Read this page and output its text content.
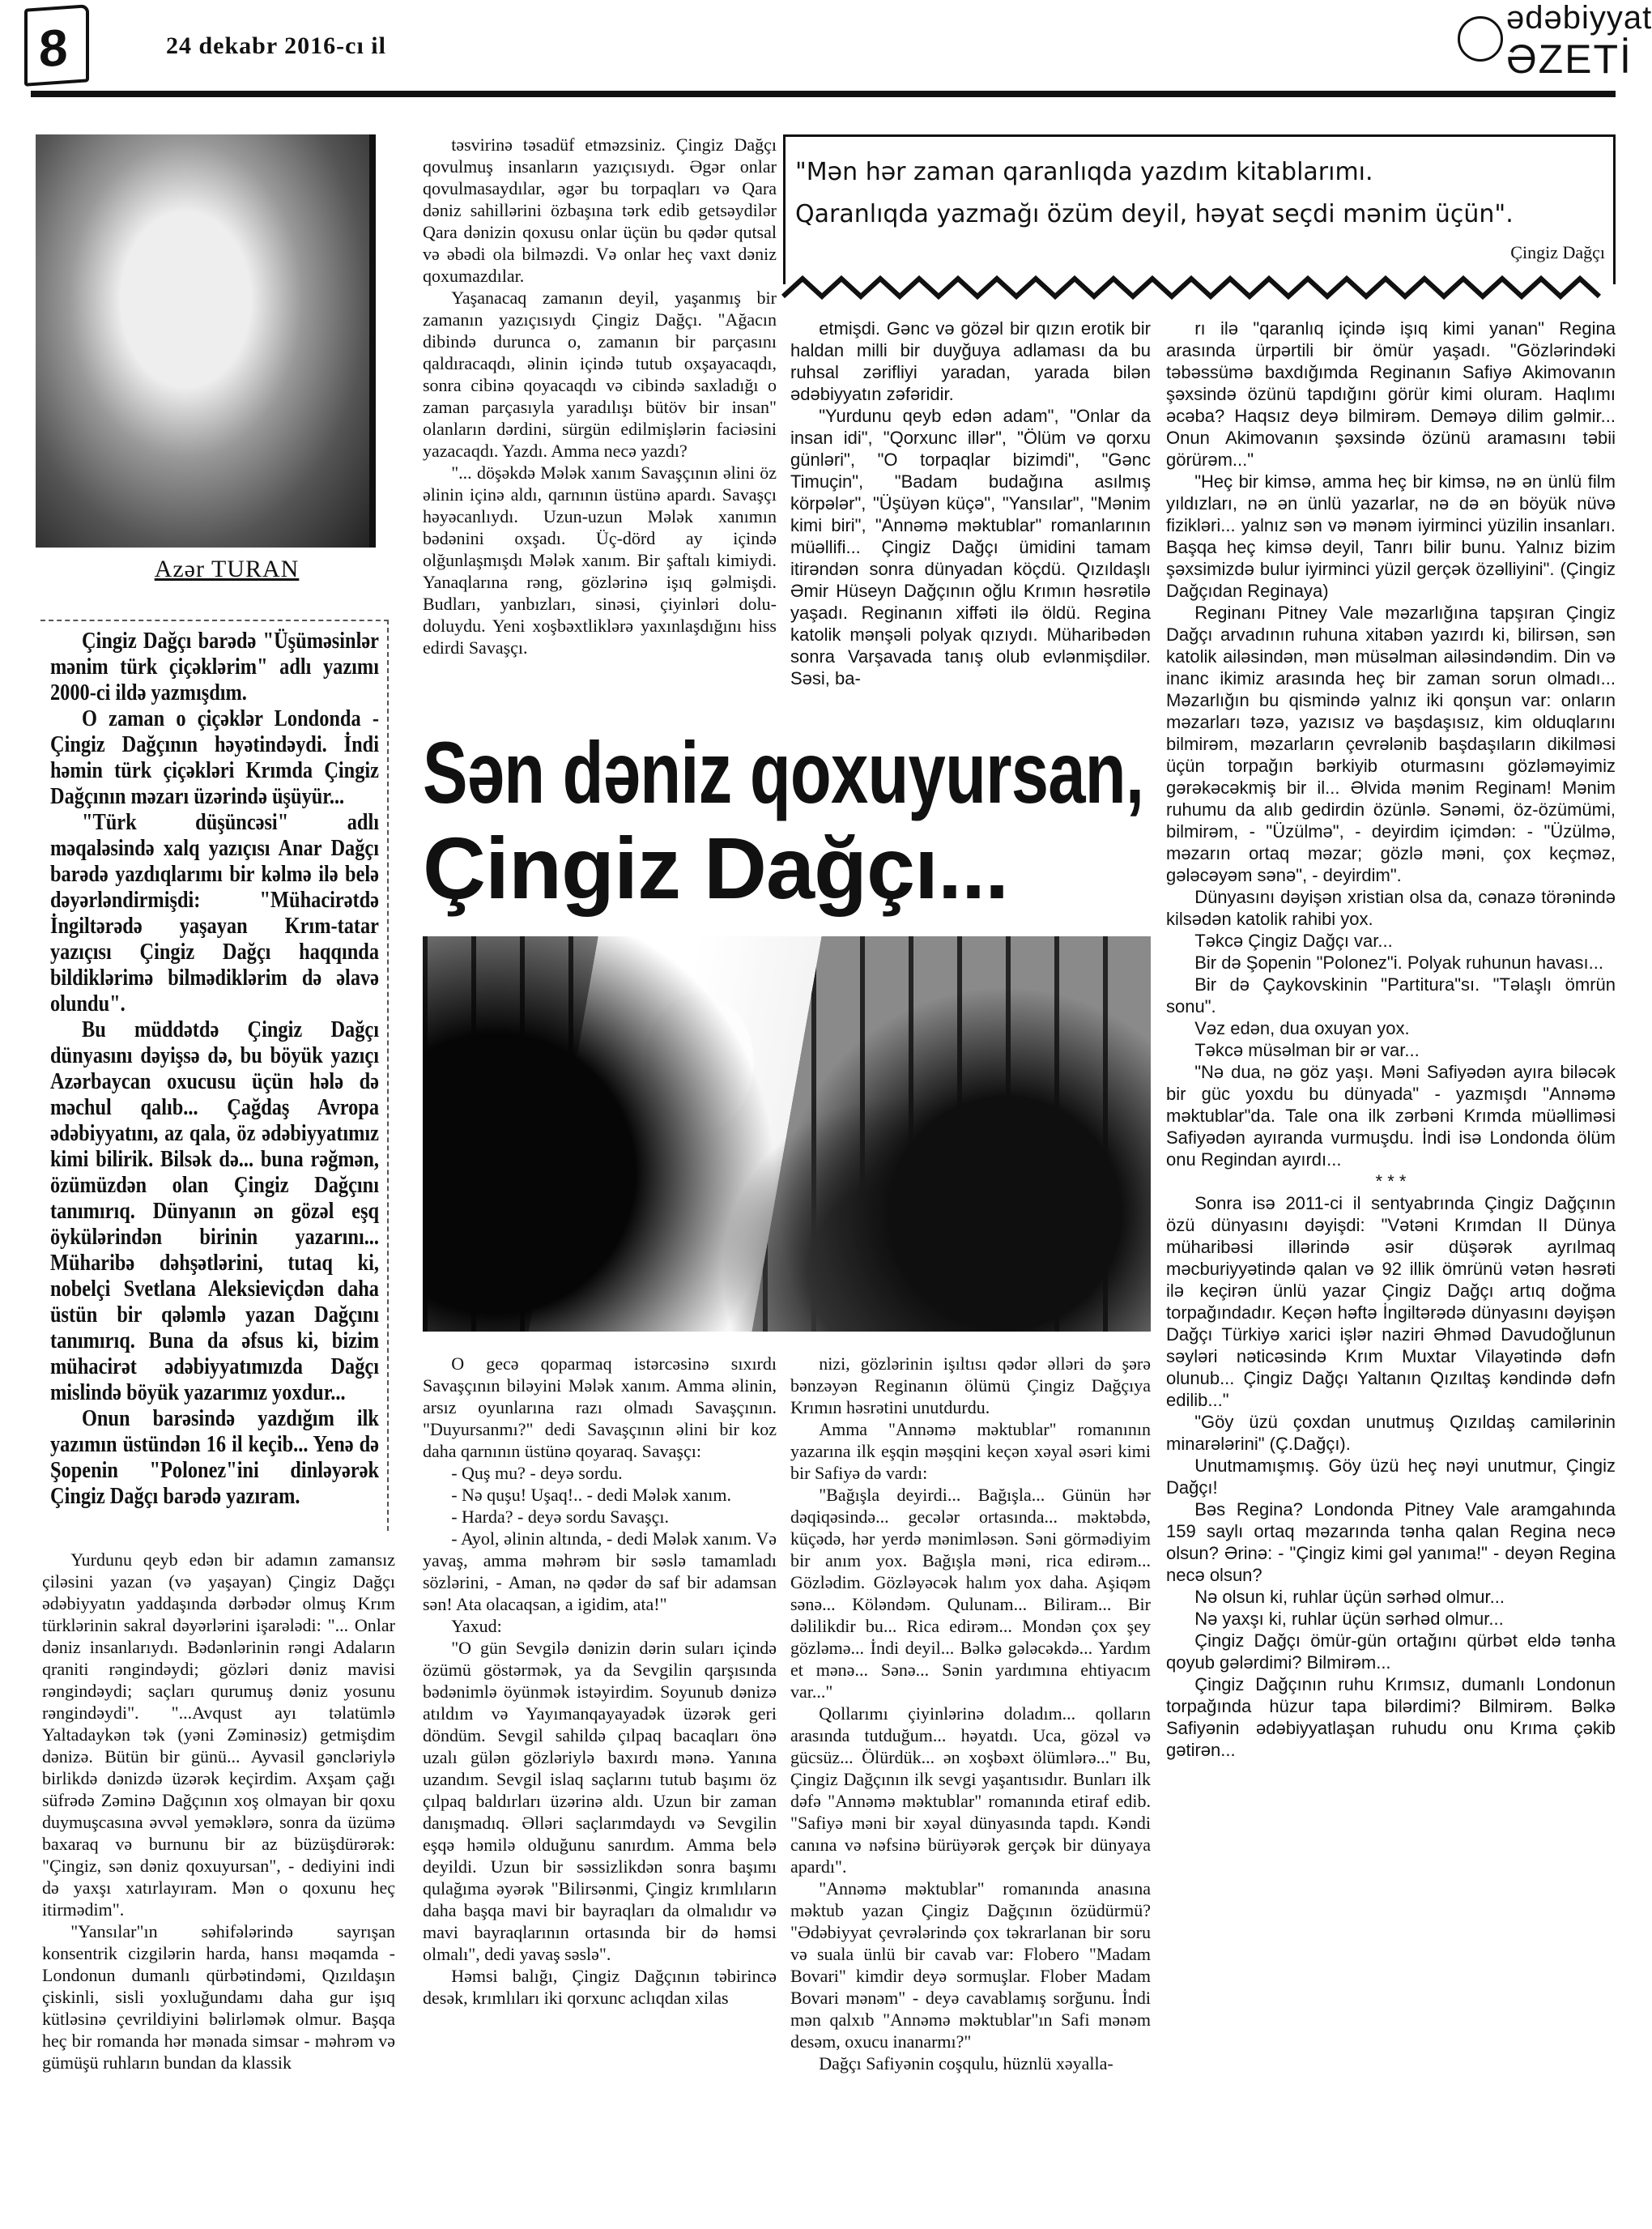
8	24 dekabr 2016-cı il
ədəbiyyat
ƏZETİ
Azər TURAN

Çingiz Dağçı barədə "Üşüməsinlər mənim türk çiçəklərim" adlı yazımı 2000-ci ildə yazmışdım.

O zaman o çiçəklər Londonda - Çingiz Dağçının həyətindəydi. İndi həmin türk çiçəkləri Krımda Çingiz Dağçının məzarı üzərində üşüyür...

"Türk düşüncəsi" adlı məqaləsində xalq yazıçısı Anar Dağçı barədə yazdıqlarımı bir kəlmə ilə belə dəyərləndirmişdi: "Mühacirətdə İngiltərədə yaşayan Krım-tatar yazıçısı Çingiz Dağçı haqqında bildiklərimə bilmədiklərim də əlavə olundu".

Bu müddətdə Çingiz Dağçı dünyasını dəyişsə də, bu böyük yazıçı Azərbaycan oxucusu üçün hələ də məchul qalıb... Çağdaş Avropa ədəbiyyatını, az qala, öz ədəbiyyatımız kimi bilirik. Bilsək də... buna rəğmən, özümüzdən olan Çingiz Dağçını tanımırıq. Dünyanın ən gözəl eşq öykülərindən birinin yazarını... Müharibə dəhşətlərini, tutaq ki, nobelçi Svetlana Aleksieviçdən daha üstün bir qələmlə yazan Dağçını tanımırıq. Buna da əfsus ki, bizim mühacirət ədəbiyyatımızda Dağçı mislində böyük yazarımız yoxdur...

Onun barəsində yazdığım ilk yazımın üstündən 16 il keçib... Yenə də Şopenin "Polonez"ini dinləyərək Çingiz Dağçı barədə yazıram.

Yurdunu qeyb edən bir adamın zamansız çiləsini yazan (və yaşayan) Çingiz Dağçı ədəbiyyatın yaddaşında dərbədər olmuş Krım türklərinin sakral dəyərlərini işarələdi: "... Onlar dəniz insanlarıydı. Bədənlərinin rəngi Adaların qraniti rəngindəydi; gözləri dəniz mavisi rəngindəydi; saçları qurumuş dəniz yosunu rəngindəydi". "...Avqust ayı təlatümlə Yaltadaykən tək (yəni Zəminəsiz) getmişdim dənizə. Bütün bir günü... Ayvasil gəncləriylə birlikdə dənizdə üzərək keçirdim. Axşam çağı süfrədə Zəminə Dağçının xoş olmayan bir qoxu duymuşcasına əvvəl yeməklərə, sonra da üzümə baxaraq və burnunu bir az büzüşdürərək: "Çingiz, sən dəniz qoxuyursan", - dediyini indi də yaxşı xatırlayıram. Mən o qoxunu heç itirmədim".

"Yansılar"ın səhifələrində sayrışan konsentrik cizgilərin harda, hansı məqamda - Londonun dumanlı qürbətindəmi, Qızıldaşın çiskinli, sisli yoxluğundamı daha gur işıq kütləsinə çevrildiyini bəlirləmək olmur. Başqa heç bir romanda hər mənada simsar - məhrəm və gümüşü ruhların bundan da klassik

təsvirinə təsadüf etməzsiniz. Çingiz Dağçı qovulmuş insanların yazıçısıydı. Əgər onlar qovulmasaydılar, əgər bu torpaqları və Qara dəniz sahillərini özbaşına tərk edib getsəydilər Qara dənizin qoxusu onlar üçün bu qədər qutsal və əbədi ola bilməzdi. Və onlar heç vaxt dəniz qoxumazdılar.

Yaşanacaq zamanın deyil, yaşanmış bir zamanın yazıçısıydı Çingiz Dağçı. "Ağacın dibində durunca o, zamanın bir parçasını qaldıracaqdı, əlinin içində tutub oxşayacaqdı, sonra cibinə qoyacaqdı və cibində saxladığı o zaman parçasıyla yaradılışı bütöv bir insan" olanların dərdini, sürgün edilmişlərin faciəsini yazacaqdı. Yazdı. Amma necə yazdı?

"... döşəkdə Mələk xanım Savaşçının əlini öz əlinin içinə aldı, qarnının üstünə apardı. Savaşçı həyəcanlıydı. Uzun-uzun Mələk xanımın bədənini oxşadı. Üç-dörd ay içində olğunlaşmışdı Mələk xanım. Bir şaftalı kimiydi. Yanaqlarına rəng, gözlərinə işıq gəlmişdi. Budları, yanbızları, sinəsi, çiyinləri dolu-doluydu. Yeni xoşbəxtliklərə yaxınlaşdığını hiss edirdi Savaşçı.

"Mən hər zaman qaranlıqda yazdım kitablarımı.
Qaranlıqda yazmağı özüm deyil, həyat seçdi mənim üçün".
Çingiz Dağçı

etmişdi. Gənc və gözəl bir qızın erotik bir haldan milli bir duyğuya adlaması da bu ruhsal zərifliyi yaradan, yarada bilən ədəbiyyatın zəfəridir.

"Yurdunu qeyb edən adam", "Onlar da insan idi", "Qorxunc illər", "Ölüm və qorxu günləri", "O torpaqlar bizimdi", "Gənc Timuçin", "Badam budağına asılmış körpələr", "Üşüyən küçə", "Yansılar", "Mənim kimi biri", "Annəmə məktublar" romanlarının müəllifi... Çingiz Dağçı ümidini tamam itirəndən sonra dünyadan köçdü. Qızıldaşlı Əmir Hüseyn Dağçının oğlu Krımın həsrətilə yaşadı. Reginanın xiffəti ilə öldü. Regina katolik mənşəli polyak qızıydı. Müharibədən sonra Varşavada tanış olub evlənmişdilər. Səsi, ba-

rı ilə "qaranlıq içində işıq kimi yanan" Regina arasında ürpərtili bir ömür yaşadı. "Gözlərindəki təbəssümə baxdığımda Reginanın Safiyə Akimovanın şəxsində özünü tapdığını görür kimi oluram. Haqlımı əcəba? Haqsız deyə bilmirəm. Deməyə dilim gəlmir... Onun Akimovanın şəxsində özünü aramasını təbii görürəm..."

"Heç bir kimsə, amma heç bir kimsə, nə ən ünlü film yıldızları, nə ən ünlü yazarlar, nə də ən böyük nüvə fizikləri... yalnız sən və mənəm iyirminci yüzilin insanları. Başqa heç kimsə deyil, Tanrı bilir bunu. Yalnız bizim şəxsimizdə bulur iyirminci yüzil gerçək özəlliyini". (Çingiz Dağçıdan Reginaya)

Reginanı Pitney Vale məzarlığına tapşıran Çingiz Dağçı arvadının ruhuna xitabən yazırdı ki, bilirsən, sən katolik ailəsindən, mən müsəlman ailəsindəndim. Din və inanc ikimiz arasında heç bir zaman sorun olmadı... Məzarlığın bu qismində yalnız iki qonşun var: onların məzarları təzə, yazısız və başdaşısız, kim olduqlarını bilmirəm, məzarların çevrələnib başdaşıların dikilməsi üçün torpağın bərkiyib oturmasını gözləməyimiz gərəkəcəkmiş bir il... Əlvida mənim Reginam! Mənim ruhumu da alıb gedirdin özünlə. Sənəmi, öz-özümümi, bilmirəm, - "Üzülmə", - deyirdim içimdən: - "Üzülmə, məzarın ortaq məzar; gözlə məni, çox keçməz, gələcəyəm sənə", - deyirdim".

Dünyasını dəyişən xristian olsa da, cənazə törənində kilsədən katolik rahibi yox.

Təkcə Çingiz Dağçı var...

Bir də Şopenin "Polonez"i. Polyak ruhunun havası...

Bir də Çaykovskinin "Partitura"sı. "Təlaşlı ömrün sonu".

Vəz edən, dua oxuyan yox.

Təkcə müsəlman bir ər var...

"Nə dua, nə göz yaşı. Məni Safiyədən ayıra biləcək bir güc yoxdu bu dünyada" - yazmışdı "Annəmə məktublar"da. Tale ona ilk zərbəni Krımda müəlliməsi Safiyədən ayıranda vurmuşdu. İndi isə Londonda ölüm onu Regindan ayırdı...

* * *

Sonra isə 2011-ci il sentyabrında Çingiz Dağçının özü dünyasını dəyişdi: "Vətəni Krımdan II Dünya müharibəsi illərində əsir düşərək ayrılmaq məcburiyyətində qalan və 92 illik ömrünü vətən həsrəti ilə keçirən ünlü yazar Çingiz Dağçı artıq doğma torpağındadır. Keçən həftə İngiltərədə dünyasını dəyişən Dağçı Türkiyə xarici işlər naziri Əhməd Davudoğlunun səyləri nəticəsində Krım Muxtar Vilayətində dəfn olunub... Çingiz Dağçı Yaltanın Qızıltaş kəndində dəfn edilib..."

"Göy üzü çoxdan unutmuş Qızıldaş camilərinin minarələrini" (Ç.Dağçı).

Unutmamışmış. Göy üzü heç nəyi unutmur, Çingiz Dağçı!

Bəs Regina? Londonda Pitney Vale aramgahında 159 saylı ortaq məzarında tənha qalan Regina necə olsun? Ərinə: - "Çingiz kimi gəl yanıma!" - deyən Regina necə olsun?

Nə olsun ki, ruhlar üçün sərhəd olmur...

Nə yaxşı ki, ruhlar üçün sərhəd olmur...

Çingiz Dağçı ömür-gün ortağını qürbət eldə tənha qoyub gələrdimi? Bilmirəm...

Çingiz Dağçının ruhu Krımsız, dumanlı Londonun torpağında hüzur tapa bilərdimi? Bilmirəm. Bəlkə Safiyənin ədəbiyyatlaşan ruhudu onu Krıma çəkib gətirən...

Sən dəniz qoxuyursan,
Çingiz Dağçı...

O gecə qoparmaq istərcəsinə sıxırdı Savaşçının biləyini Mələk xanım. Amma əlinin, arsız oyunlarına razı olmadı Savaşçının. "Duyursanmı?" dedi Savaşçının əlini bir koz daha qarnının üstünə qoyaraq. Savaşçı:

- Quş mu? - deyə sordu.

- Nə quşu! Uşaq!.. - dedi Mələk xanım.

- Harda? - deyə sordu Savaşçı.

- Ayol, əlinin altında, - dedi Mələk xanım. Və yavaş, amma məhrəm bir səslə tamamladı sözlərini, - Aman, nə qədər də saf bir adamsan sən! Ata olacaqsan, a igidim, ata!"

Yaxud:

"O gün Sevgilə dənizin dərin suları içində özümü göstərmək, ya da Sevgilin qarşısında bədənimlə öyünmək istəyirdim. Soyunub dənizə atıldım və Yayımanqayayadək üzərək geri döndüm. Sevgil sahildə çılpaq bacaqları önə uzalı gülən gözləriylə baxırdı mənə. Yanına uzandım. Sevgil islaq saçlarını tutub başımı öz çılpaq baldırları üzərinə aldı. Uzun bir zaman danışmadıq. Əlləri saçlarımdaydı və Sevgilin eşqə həmilə olduğunu sanırdım. Amma belə deyildi. Uzun bir səssizlikdən sonra başımı qulağıma əyərək "Bilirsənmi, Çingiz krımlıların daha başqa mavi bir bayraqları da olmalıdır və mavi bayraqlarının ortasında bir də həmsi olmalı", dedi yavaş səslə".

Həmsi balığı, Çingiz Dağçının təbirincə desək, krımlıları iki qorxunc aclıqdan xilas

nizi, gözlərinin işıltısı qədər əlləri də şərə bənzəyən Reginanın ölümü Çingiz Dağçıya Krımın həsrətini unutdurdu.

Amma "Annəmə məktublar" romanının yazarına ilk eşqin məşqini keçən xəyal əsəri kimi bir Safiyə də vardı:

"Bağışla deyirdi... Bağışla... Günün hər dəqiqəsində... gecələr ortasında... məktəbdə, küçədə, hər yerdə mənimləsən. Səni görmədiyim bir anım yox. Bağışla məni, rica edirəm... Gözlədim. Gözləyəcək halım yox daha. Aşiqəm sənə... Köləndəm. Qulunam... Biliram... Bir dəlilikdir bu... Rica edirəm... Mondən çox şey gözləmə... İndi deyil... Bəlkə gələcəkdə... Yardım et mənə... Sənə... Sənin yardımına ehtiyacım var..."

Qollarımı çiyinlərinə doladım... qolların arasında tutduğum... həyatdı. Uca, gözəl və gücsüz... Ölürdük... ən xoşbəxt ölümlərə..." Bu, Çingiz Dağçının ilk sevgi yaşantısıdır. Bunları ilk dəfə "Annəmə məktublar" romanında etiraf edib. "Safiyə məni bir xəyal dünyasında tapdı. Kəndi canına və nəfsinə bürüyərək gerçək bir dünyaya apardı".

"Annəmə məktublar" romanında anasına məktub yazan Çingiz Dağçının özüdürmü? "Ədəbiyyat çevrələrində çox təkrarlanan bir soru və suala ünlü bir cavab var: Flobero "Madam Bovari" kimdir deyə sormuşlar. Flober Madam Bovari mənəm" - deyə cavablamış sorğunu. İndi mən qalxıb "Annəmə məktublar"ın Safi mənəm desəm, oxucu inanarmı?"

Dağçı Safiyənin coşqulu, hüznlü xəyalla-
